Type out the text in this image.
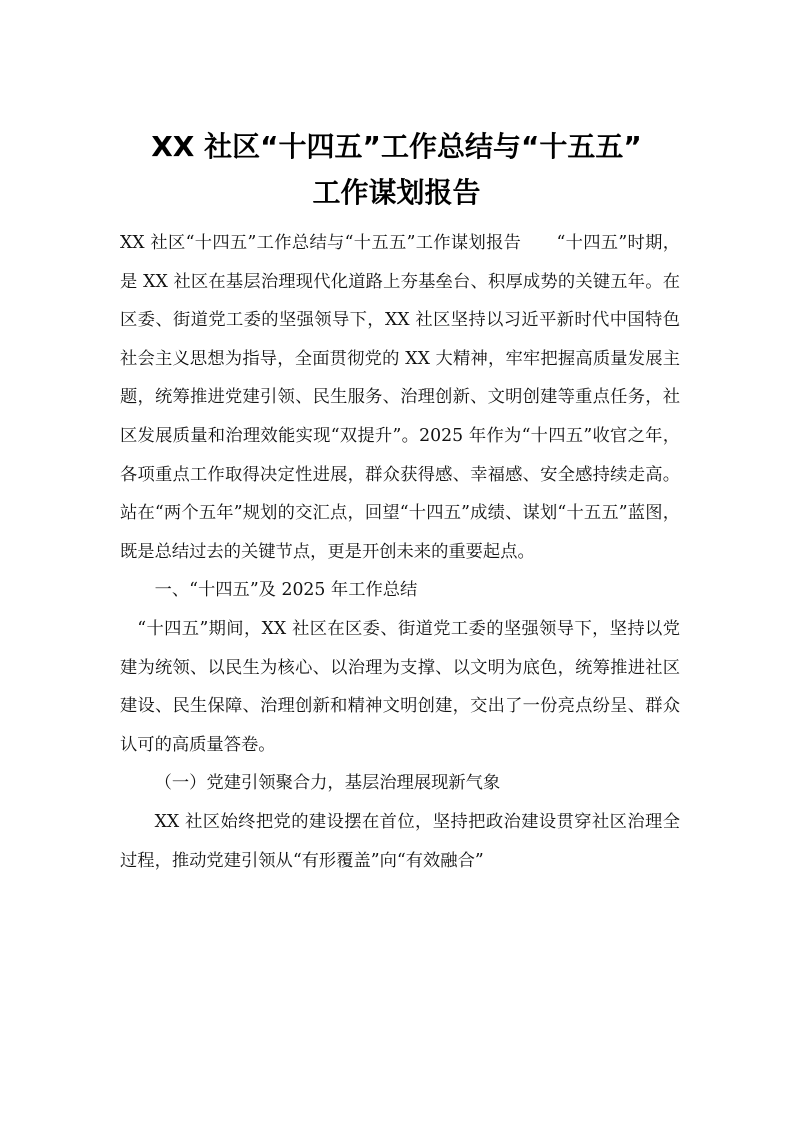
XX 社区“十四五”工作总结与“十五五”
工作谋划报告

XX 社区“十四五”工作总结与“十五五”工作谋划报告　　“十四五”时期，是 XX 社区在基层治理现代化道路上夯基垒台、积厚成势的关键五年。在区委、街道党工委的坚强领导下，XX 社区坚持以习近平新时代中国特色社会主义思想为指导，全面贯彻党的 XX 大精神，牢牢把握高质量发展主题，统筹推进党建引领、民生服务、治理创新、文明创建等重点任务，社区发展质量和治理效能实现“双提升”。2025 年作为“十四五”收官之年，各项重点工作取得决定性进展，群众获得感、幸福感、安全感持续走高。站在“两个五年”规划的交汇点，回望“十四五”成绩、谋划“十五五”蓝图，既是总结过去的关键节点，更是开创未来的重要起点。

一、“十四五”及 2025 年工作总结

“十四五”期间，XX 社区在区委、街道党工委的坚强领导下，坚持以党建为统领、以民生为核心、以治理为支撑、以文明为底色，统筹推进社区建设、民生保障、治理创新和精神文明创建，交出了一份亮点纷呈、群众认可的高质量答卷。

（一）党建引领聚合力，基层治理展现新气象

XX 社区始终把党的建设摆在首位，坚持把政治建设贯穿社区治理全过程，推动党建引领从“有形覆盖”向“有效融合”
